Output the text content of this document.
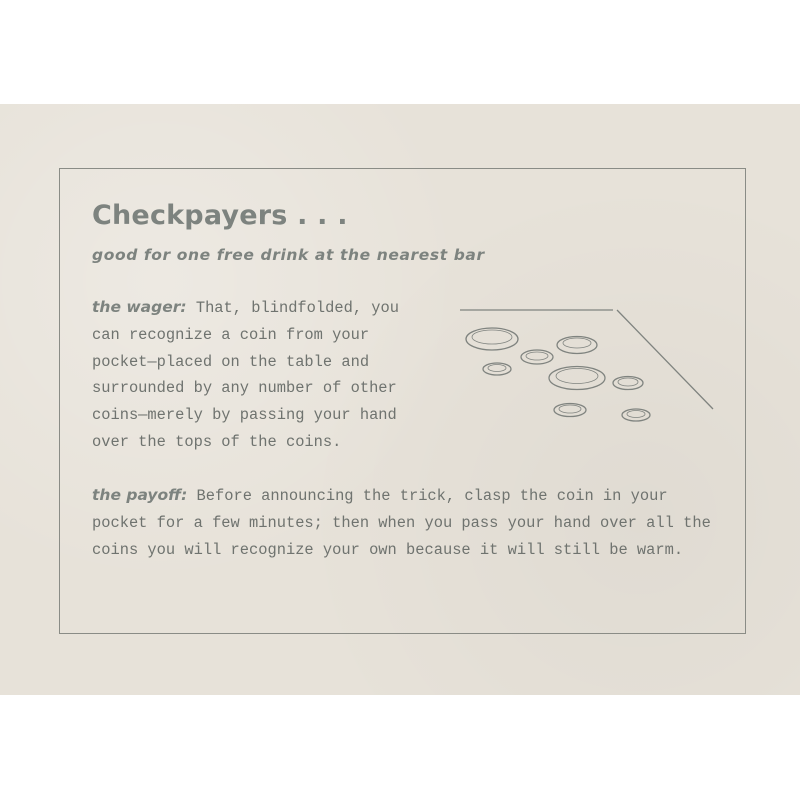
Checkpayers . . .

good for one free drink at the nearest bar

the wager: That, blindfolded, you can recognize a coin from your pocket—placed on the table and surrounded by any number of other coins—merely by passing your hand over the tops of the coins.

the payoff: Before announcing the trick, clasp the coin in your pocket for a few minutes; then when you pass your hand over all the coins you will recognize your own because it will still be warm.
